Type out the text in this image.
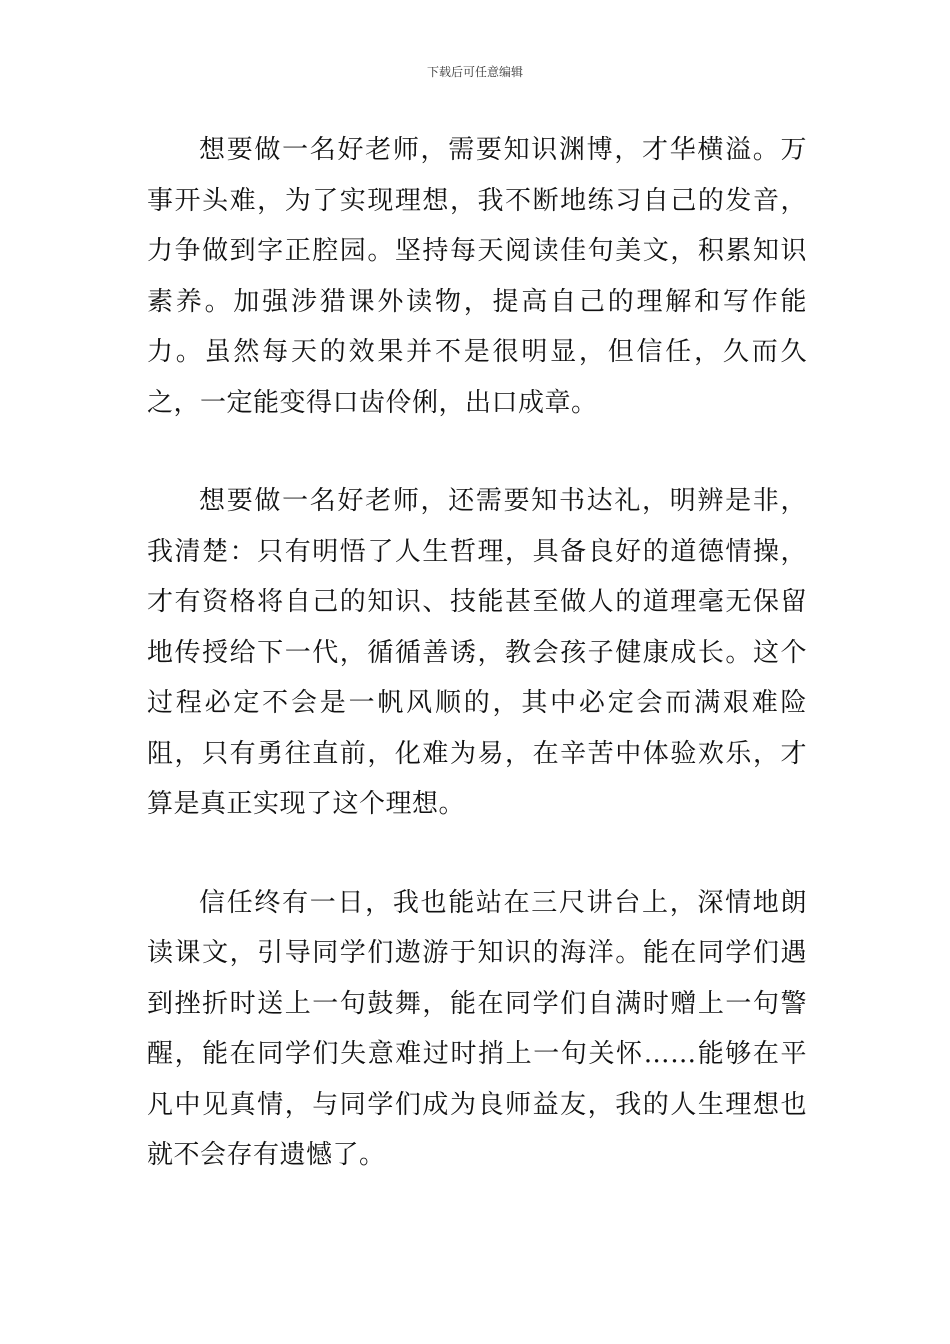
下载后可任意编辑

想要做一名好老师，需要知识渊博，才华横溢。万事开头难，为了实现理想，我不断地练习自己的发音，力争做到字正腔园。坚持每天阅读佳句美文，积累知识素养。加强涉猎课外读物，提高自己的理解和写作能力。虽然每天的效果并不是很明显，但信任，久而久之，一定能变得口齿伶俐，出口成章。

想要做一名好老师，还需要知书达礼，明辨是非，我清楚：只有明悟了人生哲理，具备良好的道德情操，才有资格将自己的知识、技能甚至做人的道理毫无保留地传授给下一代，循循善诱，教会孩子健康成长。这个过程必定不会是一帆风顺的，其中必定会而满艰难险阻，只有勇往直前，化难为易，在辛苦中体验欢乐，才算是真正实现了这个理想。

信任终有一日，我也能站在三尺讲台上，深情地朗读课文，引导同学们遨游于知识的海洋。能在同学们遇到挫折时送上一句鼓舞，能在同学们自满时赠上一句警醒，能在同学们失意难过时捎上一句关怀……能够在平凡中见真情，与同学们成为良师益友，我的人生理想也就不会存有遗憾了。
